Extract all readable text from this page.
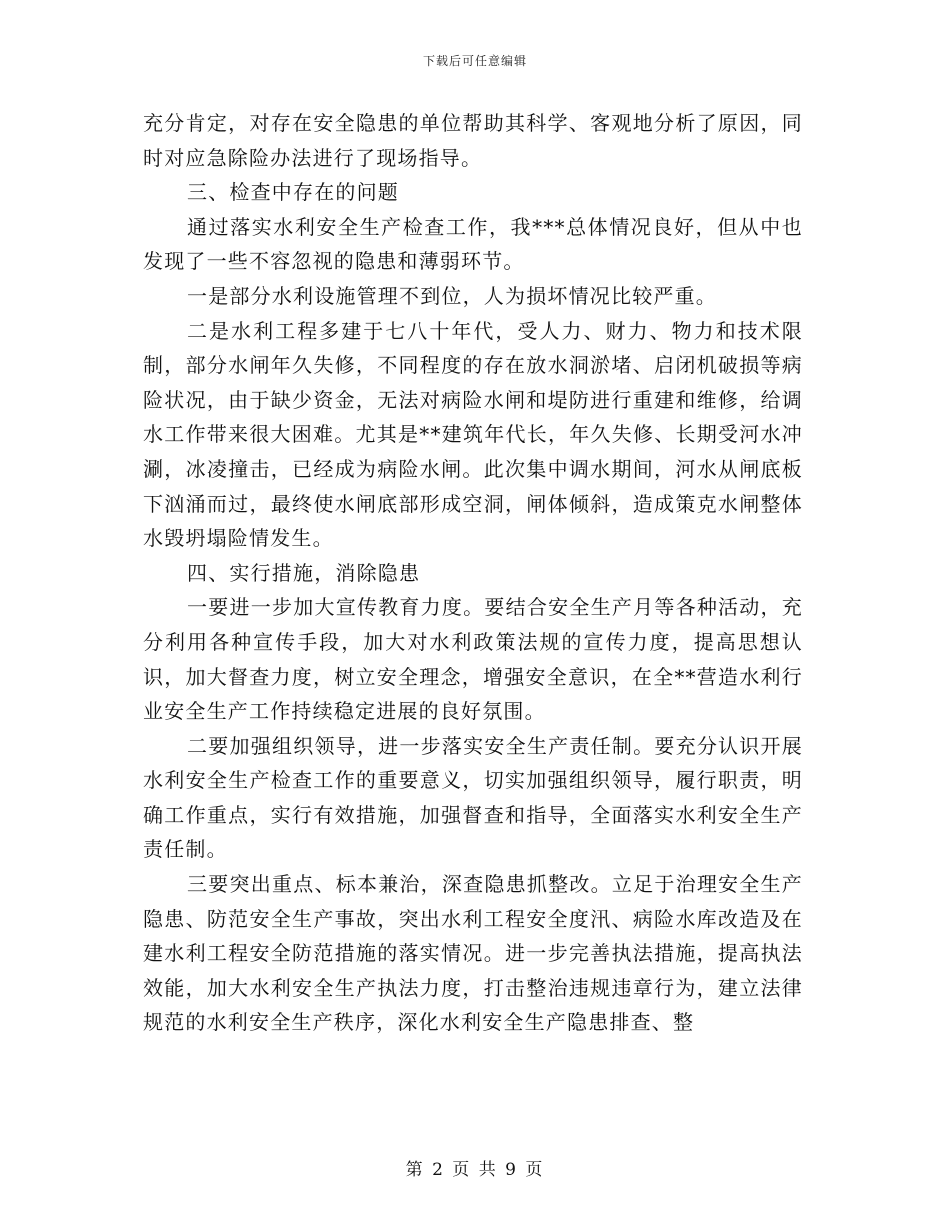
下载后可任意编辑

充分肯定，对存在安全隐患的单位帮助其科学、客观地分析了原因，同时对应急除险办法进行了现场指导。

三、检查中存在的问题

通过落实水利安全生产检查工作，我***总体情况良好，但从中也发现了一些不容忽视的隐患和薄弱环节。

一是部分水利设施管理不到位，人为损坏情况比较严重。

二是水利工程多建于七八十年代，受人力、财力、物力和技术限制，部分水闸年久失修，不同程度的存在放水洞淤堵、启闭机破损等病险状况，由于缺少资金，无法对病险水闸和堤防进行重建和维修，给调水工作带来很大困难。尤其是**建筑年代长，年久失修、长期受河水冲涮，冰凌撞击，已经成为病险水闸。此次集中调水期间，河水从闸底板下汹涌而过，最终使水闸底部形成空洞，闸体倾斜，造成策克水闸整体水毁坍塌险情发生。

四、实行措施，消除隐患

一要进一步加大宣传教育力度。要结合安全生产月等各种活动，充分利用各种宣传手段，加大对水利政策法规的宣传力度，提高思想认识，加大督查力度，树立安全理念，增强安全意识，在全**营造水利行业安全生产工作持续稳定进展的良好氛围。

二要加强组织领导，进一步落实安全生产责任制。要充分认识开展水利安全生产检查工作的重要意义，切实加强组织领导，履行职责，明确工作重点，实行有效措施，加强督查和指导，全面落实水利安全生产责任制。

三要突出重点、标本兼治，深查隐患抓整改。立足于治理安全生产隐患、防范安全生产事故，突出水利工程安全度汛、病险水库改造及在建水利工程安全防范措施的落实情况。进一步完善执法措施，提高执法效能，加大水利安全生产执法力度，打击整治违规违章行为，建立法律规范的水利安全生产秩序，深化水利安全生产隐患排查、整

第 2 页 共 9 页
